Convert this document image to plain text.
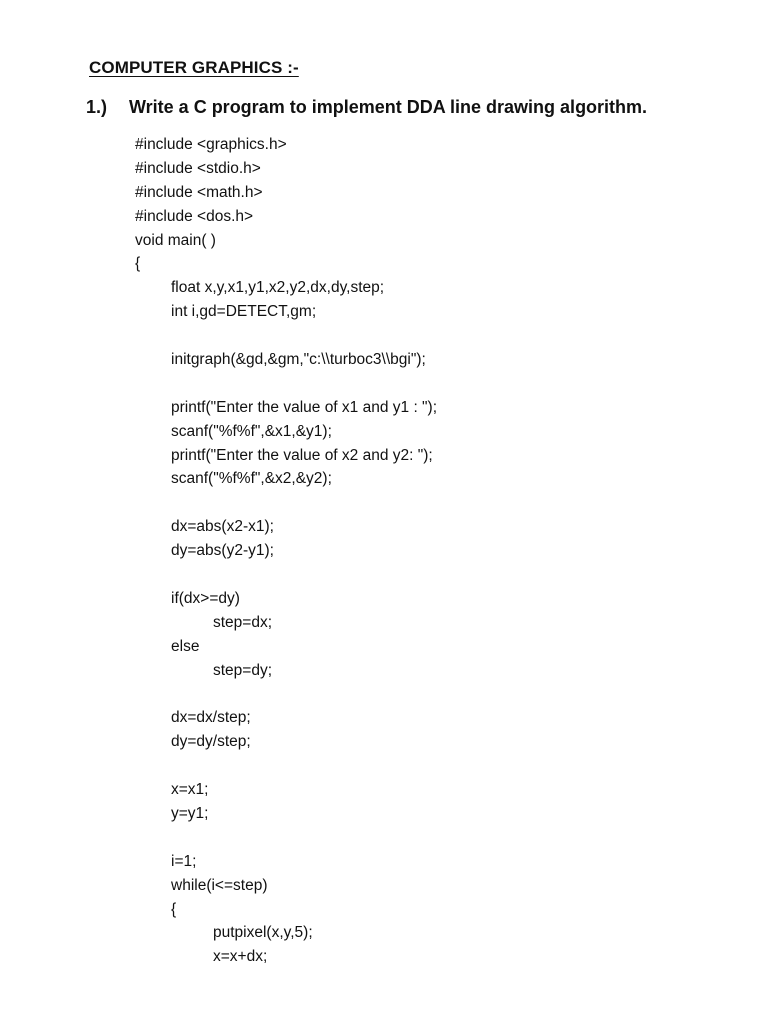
COMPUTER GRAPHICS :-
1.) Write a C program to implement DDA line drawing algorithm.
#include <graphics.h>
#include <stdio.h>
#include <math.h>
#include <dos.h>
void main( )
{
float x,y,x1,y1,x2,y2,dx,dy,step;
int i,gd=DETECT,gm;
initgraph(&gd,&gm,"c:\\turboc3\\bgi");
printf("Enter the value of x1 and y1 : ");
scanf("%f%f",&x1,&y1);
printf("Enter the value of x2 and y2: ");
scanf("%f%f",&x2,&y2);
dx=abs(x2-x1);
dy=abs(y2-y1);
if(dx>=dy)
step=dx;
else
step=dy;
dx=dx/step;
dy=dy/step;
x=x1;
y=y1;
i=1;
while(i<=step)
{
putpixel(x,y,5);
x=x+dx;
